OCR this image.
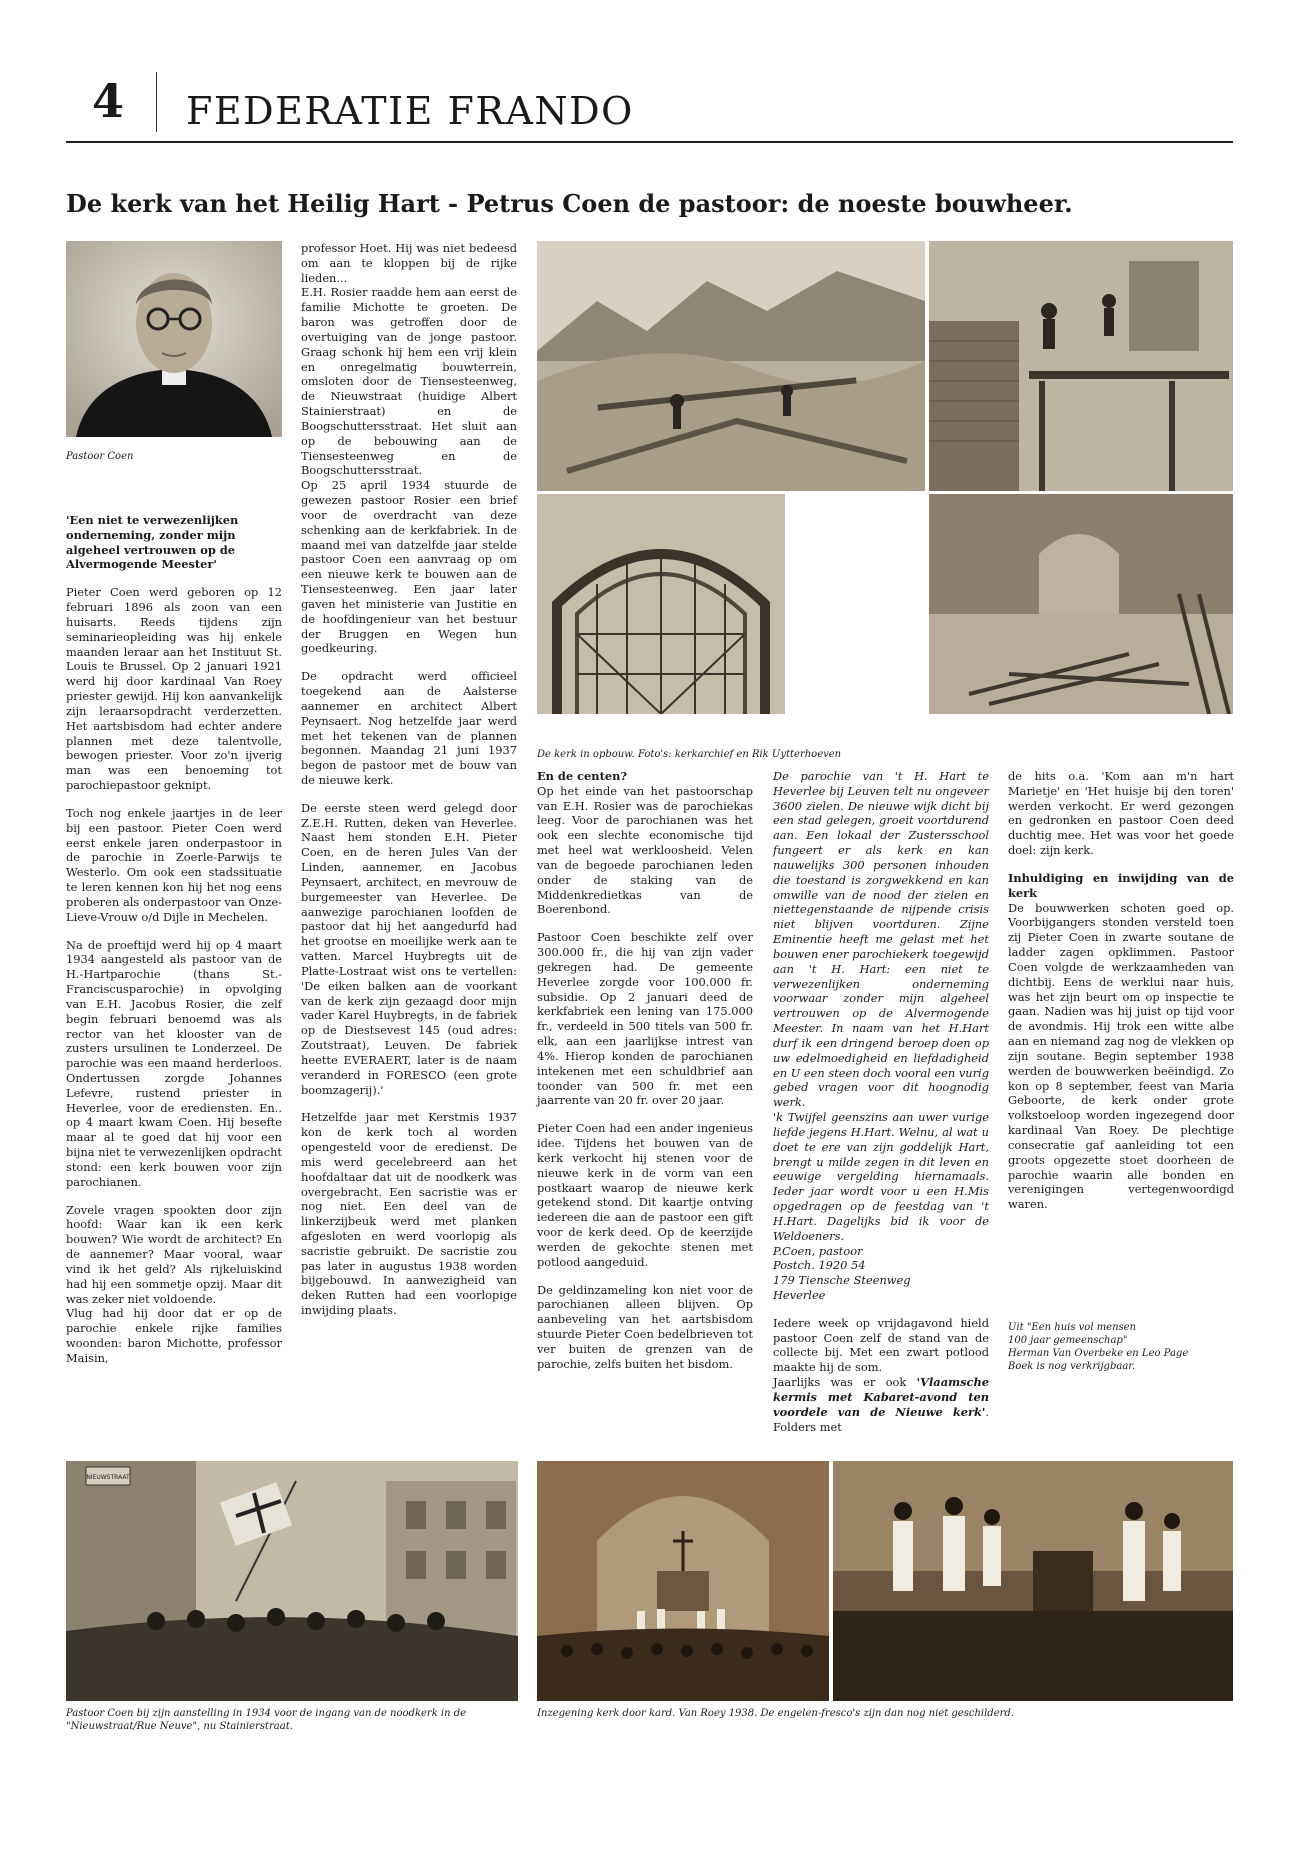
4 FEDERATIE FRANDO
De kerk van het Heilig Hart - Petrus Coen de pastoor: de noeste bouwheer.
Pastoor Coen

'Een niet te verwezenlijken onderneming, zonder mijn algeheel vertrouwen op de Alvermogende Meester'

Pieter Coen werd geboren op 12 februari 1896 als zoon van een huisarts. Reeds tijdens zijn seminarieopleiding was hij enkele maanden leraar aan het Instituut St. Louis te Brussel. Op 2 januari 1921 werd hij door kardinaal Van Roey priester gewijd. Hij kon aanvankelijk zijn leraarsopdracht verderzetten. Het aartsbisdom had echter andere plannen met deze talentvolle, bewogen priester. Voor zo'n ijverig man was een benoeming tot parochiepastoor geknipt.

Toch nog enkele jaartjes in de leer bij een pastoor. Pieter Coen werd eerst enkele jaren onderpastoor in de parochie in Zoerle-Parwijs te Westerlo. Om ook een stadssituatie te leren kennen kon hij het nog eens proberen als onderpastoor van Onze-Lieve-Vrouw o/d Dijle in Mechelen.

Na de proeftijd werd hij op 4 maart 1934 aangesteld als pastoor van de H.-Hartparochie (thans St.-Franciscusparochie) in opvolging van E.H. Jacobus Rosier, die zelf begin februari benoemd was als rector van het klooster van de zusters ursulinen te Londerzeel. De parochie was een maand herderloos. Ondertussen zorgde Johannes Lefevre, rustend priester in Heverlee, voor de erediensten. En.. op 4 maart kwam Coen. Hij besefte maar al te goed dat hij voor een bijna niet te verwezenlijken opdracht stond: een kerk bouwen voor zijn parochianen.

Zovele vragen spookten door zijn hoofd: Waar kan ik een kerk bouwen? Wie wordt de architect? En de aannemer? Maar vooral, waar vind ik het geld? Als rijkeluiskind had hij een sommetje opzij. Maar dit was zeker niet voldoende.

Vlug had hij door dat er op de parochie enkele rijke families woonden: baron Michotte, professor Maisin,

professor Hoet. Hij was niet bedeesd om aan te kloppen bij de rijke lieden...

E.H. Rosier raadde hem aan eerst de familie Michotte te groeten. De baron was getroffen door de overtuiging van de jonge pastoor. Graag schonk hij hem een vrij klein en onregelmatig bouwterrein, omsloten door de Tiensesteenweg, de Nieuwstraat (huidige Albert Stainierstraat) en de Boogschuttersstraat. Het sluit aan op de bebouwing aan de Tiensesteenweg en de Boogschuttersstraat.

Op 25 april 1934 stuurde de gewezen pastoor Rosier een brief voor de overdracht van deze schenking aan de kerkfabriek. In de maand mei van datzelfde jaar stelde pastoor Coen een aanvraag op om een nieuwe kerk te bouwen aan de Tiensesteenweg. Een jaar later gaven het ministerie van Justitie en de hoofdingenieur van het bestuur der Bruggen en Wegen hun goedkeuring.

De opdracht werd officieel toegekend aan de Aalsterse aannemer en architect Albert Peynsaert. Nog hetzelfde jaar werd met het tekenen van de plannen begonnen. Maandag 21 juni 1937 begon de pastoor met de bouw van de nieuwe kerk.

De eerste steen werd gelegd door Z.E.H. Rutten, deken van Heverlee. Naast hem stonden E.H. Pieter Coen, en de heren Jules Van der Linden, aannemer, en Jacobus Peynsaert, architect, en mevrouw de burgemeester van Heverlee. De aanwezige parochianen loofden de pastoor dat hij het aangedurfd had het grootse en moeilijke werk aan te vatten. Marcel Huybregts uit de Platte-Lostraat wist ons te vertellen: 'De eiken balken aan de voorkant van de kerk zijn gezaagd door mijn vader Karel Huybregts, in de fabriek op de Diestsevest 145 (oud adres: Zoutstraat), Leuven. De fabriek heette EVERAERT, later is de naam veranderd in FORESCO (een grote boomzagerij).'

Hetzelfde jaar met Kerstmis 1937 kon de kerk toch al worden opengesteld voor de eredienst. De mis werd gecelebreerd aan het hoofdaltaar dat uit de noodkerk was overgebracht. Een sacristie was er nog niet. Een deel van de linkerzijbeuk werd met planken afgesloten en werd voorlopig als sacristie gebruikt. De sacristie zou pas later in augustus 1938 worden bijgebouwd. In aanwezigheid van deken Rutten had een voorlopige inwijding plaats.

De kerk in opbouw. Foto's: kerkarchief en Rik Uytterhoeven

En de centen?

Op het einde van het pastoorschap van E.H. Rosier was de parochiekas leeg. Voor de parochianen was het ook een slechte economische tijd met heel wat werkloosheid. Velen van de begoede parochianen leden onder de staking van de Middenkredietkas van de Boerenbond.

Pastoor Coen beschikte zelf over 300.000 fr., die hij van zijn vader gekregen had. De gemeente Heverlee zorgde voor 100.000 fr. subsidie. Op 2 januari deed de kerkfabriek een lening van 175.000 fr., verdeeld in 500 titels van 500 fr. elk, aan een jaarlijkse intrest van 4%. Hierop konden de parochianen intekenen met een schuldbrief aan toonder van 500 fr. met een jaarrente van 20 fr. over 20 jaar.

Pieter Coen had een ander ingenieus idee. Tijdens het bouwen van de kerk verkocht hij stenen voor de nieuwe kerk in de vorm van een postkaart waarop de nieuwe kerk getekend stond. Dit kaartje ontving iedereen die aan de pastoor een gift voor de kerk deed. Op de keerzijde werden de gekochte stenen met potlood aangeduid.

De geldinzameling kon niet voor de parochianen alleen blijven. Op aanbeveling van het aartsbisdom stuurde Pieter Coen bedelbrieven tot ver buiten de grenzen van de parochie, zelfs buiten het bisdom.

De parochie van 't H. Hart te Heverlee bij Leuven telt nu ongeveer 3600 zielen. De nieuwe wijk dicht bij een stad gelegen, groeit voortdurend aan. Een lokaal der Zustersschool fungeert er als kerk en kan nauwelijks 300 personen inhouden die toestand is zorgwekkend en kan omwille van de nood der zielen en niettegenstaande de nijpende crisis niet blijven voortduren. Zijne Eminentie heeft me gelast met het bouwen ener parochiekerk toegewijd aan 't H. Hart: een niet te verwezenlijken onderneming voorwaar zonder mijn algeheel vertrouwen op de Alvermogende Meester. In naam van het H.Hart durf ik een dringend beroep doen op uw edelmoedigheid en liefdadigheid en U een steen doch vooral een vurig gebed vragen voor dit hoognodig werk.

'k Twijfel geenszins aan uwer vurige liefde jegens H.Hart. Welnu, al wat u doet te ere van zijn goddelijk Hart, brengt u milde zegen in dit leven en eeuwige vergelding hiernamaals. Ieder jaar wordt voor u een H.Mis opgedragen op de feestdag van 't H.Hart. Dagelijks bid ik voor de Weldoeners.

P.Coen, pastoor
Postch. 1920 54
179 Tiensche Steenweg
Heverlee

Iedere week op vrijdagavond hield pastoor Coen zelf de stand van de collecte bij. Met een zwart potlood maakte hij de som.

Jaarlijks was er ook 'Vlaamsche kermis met Kabaret-avond ten voordele van de Nieuwe kerk'. Folders met

de hits o.a. 'Kom aan m'n hart Marietje' en 'Het huisje bij den toren' werden verkocht. Er werd gezongen en gedronken en pastoor Coen deed duchtig mee. Het was voor het goede doel: zijn kerk.

Inhuldiging en inwijding van de kerk

De bouwwerken schoten goed op. Voorbijgangers stonden versteld toen zij Pieter Coen in zwarte soutane de ladder zagen opklimmen. Pastoor Coen volgde de werkzaamheden van dichtbij. Eens de werklui naar huis, was het zijn beurt om op inspectie te gaan. Nadien was hij juist op tijd voor de avondmis. Hij trok een witte albe aan en niemand zag nog de vlekken op zijn soutane. Begin september 1938 werden de bouwwerken beëindigd. Zo kon op 8 september, feest van Maria Geboorte, de kerk onder grote volkstoeloop worden ingezegend door kardinaal Van Roey. De plechtige consecratie gaf aanleiding tot een groots opgezette stoet doorheen de parochie waarin alle bonden en verenigingen vertegenwoordigd waren.

Uit "Een huis vol mensen
100 jaar gemeenschap"
Herman Van Overbeke en Leo Page
Boek is nog verkrijgbaar.
NIEUWSTRAAT
Pastoor Coen bij zijn aanstelling in 1934 voor de ingang van de noodkerk in de "Nieuwstraat/Rue Neuve", nu Stainierstraat.
Inzegening kerk door kard. Van Roey 1938. De engelen-fresco's zijn dan nog niet geschilderd.
